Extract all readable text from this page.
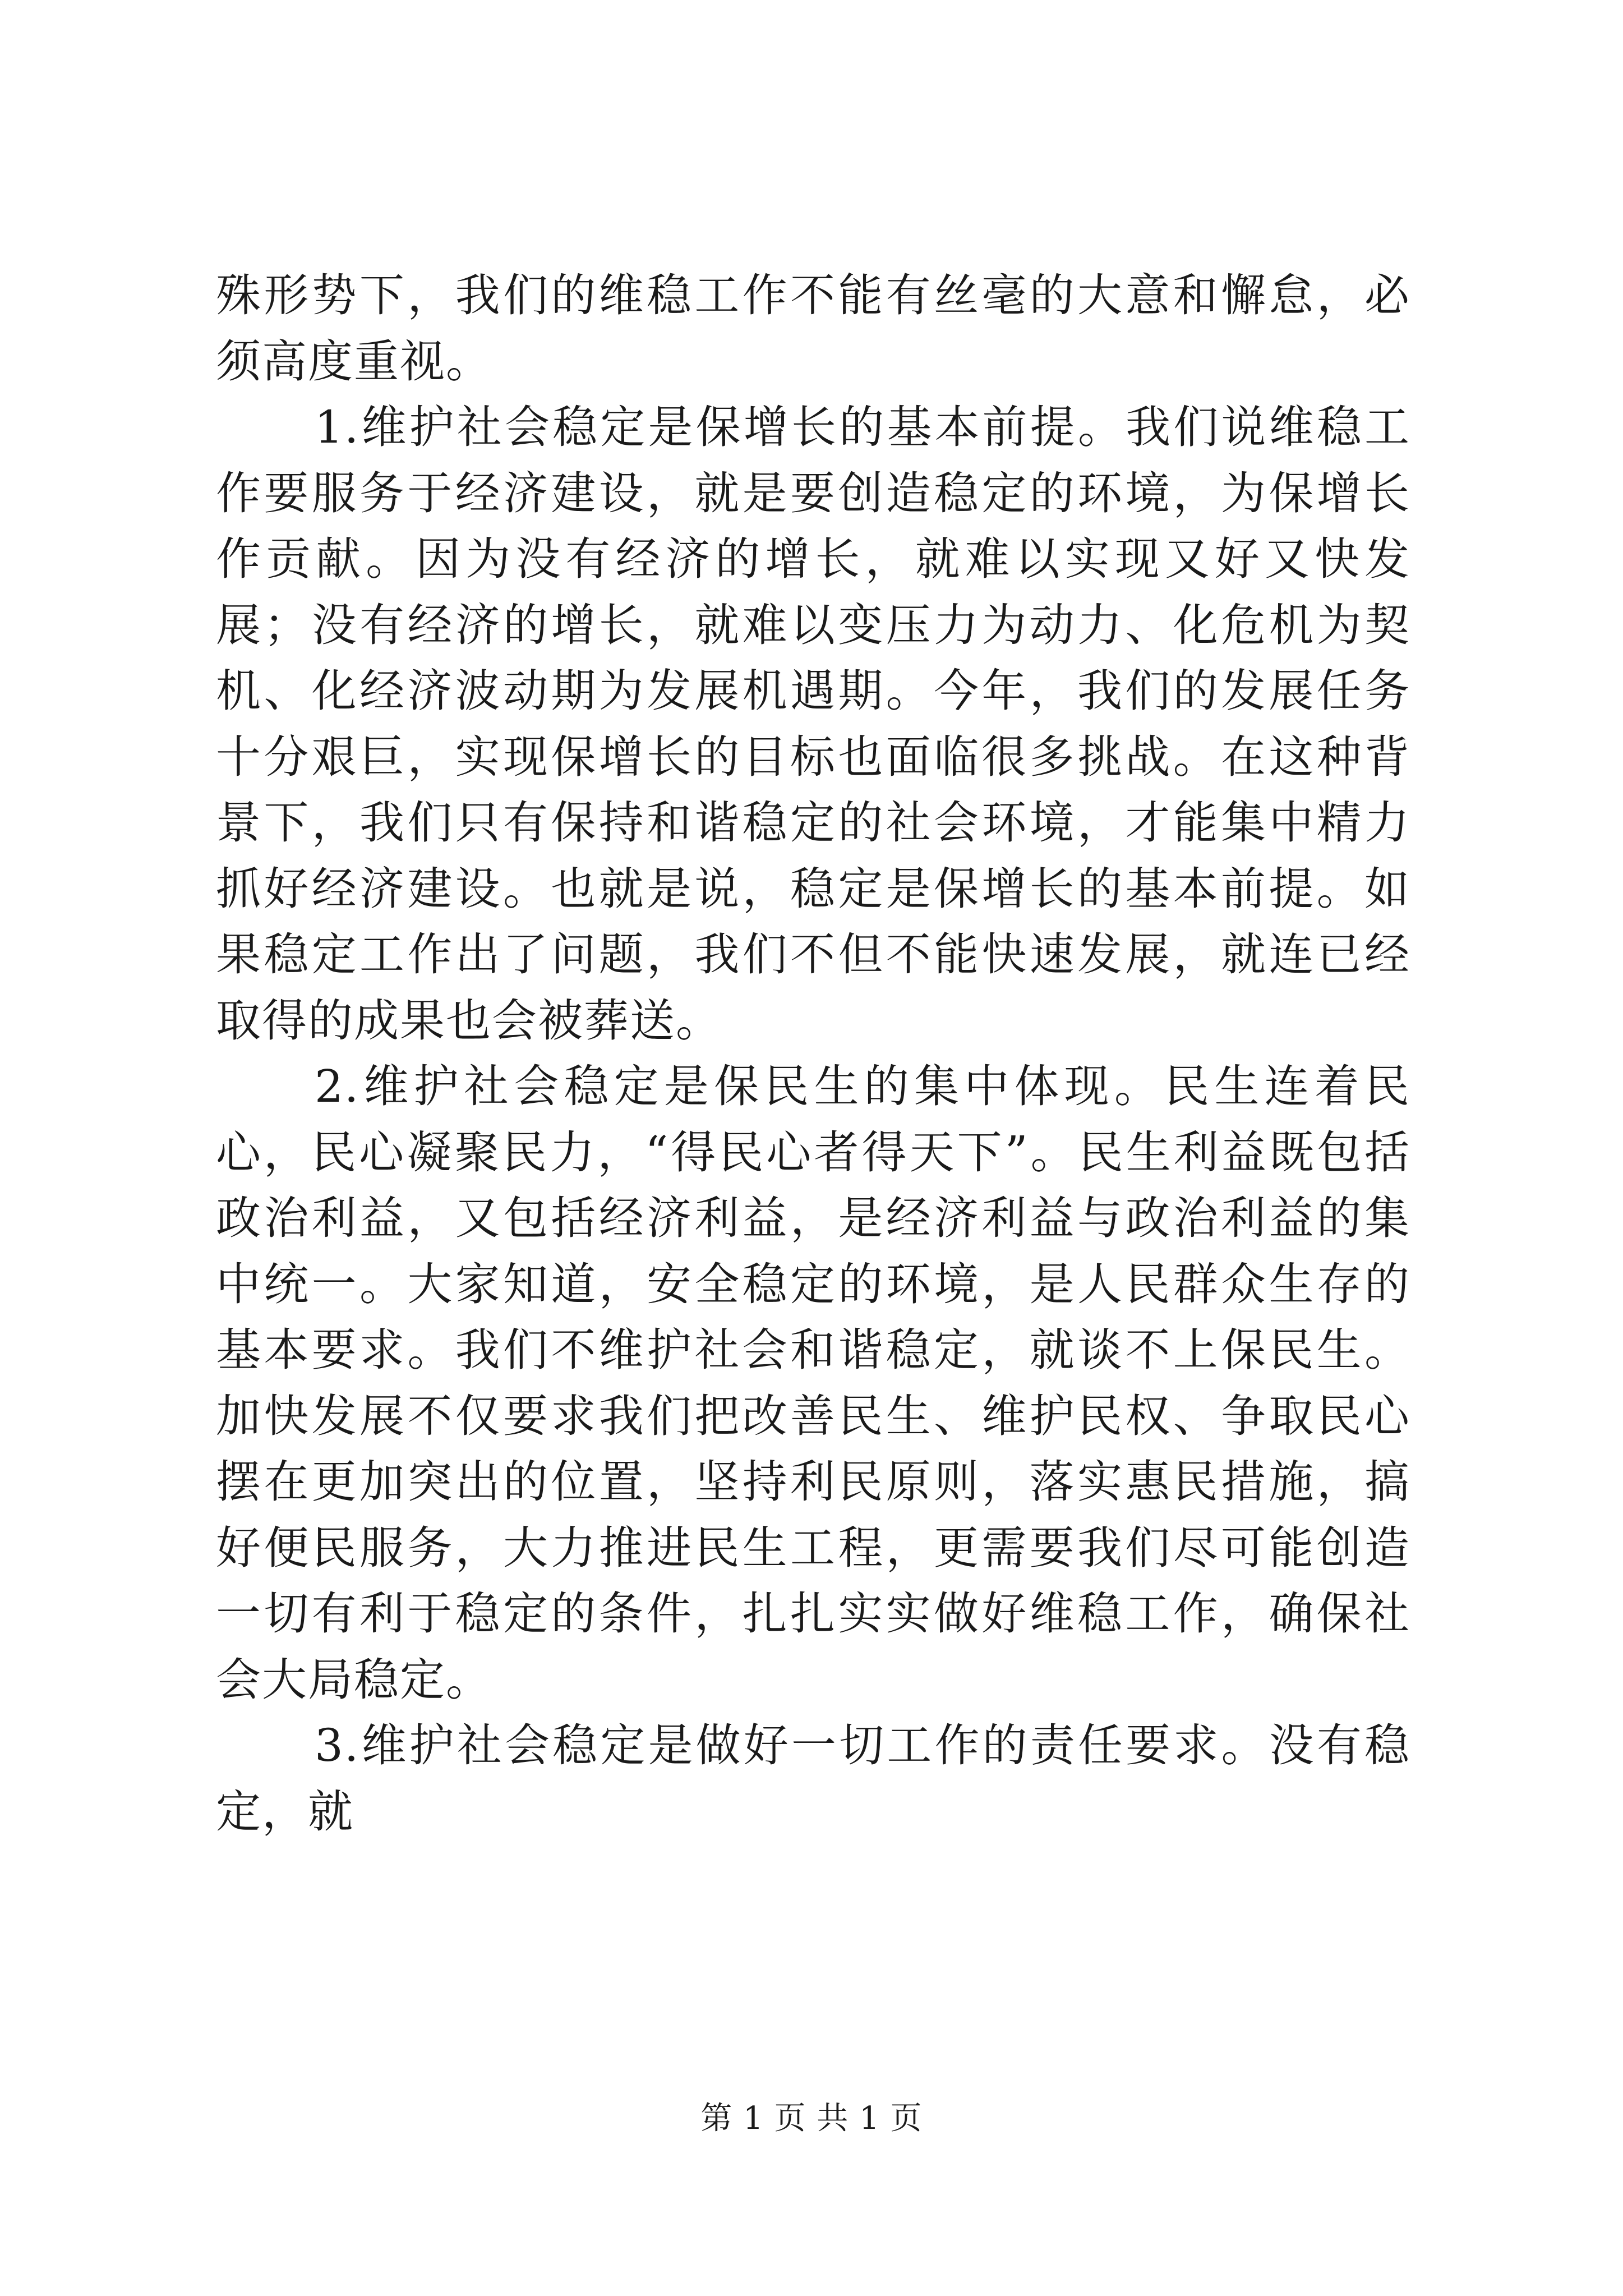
殊形势下，我们的维稳工作不能有丝毫的大意和懈怠，必须高度重视。

1.维护社会稳定是保增长的基本前提。我们说维稳工作要服务于经济建设，就是要创造稳定的环境，为保增长作贡献。因为没有经济的增长，就难以实现又好又快发展；没有经济的增长，就难以变压力为动力、化危机为契机、化经济波动期为发展机遇期。今年，我们的发展任务十分艰巨，实现保增长的目标也面临很多挑战。在这种背景下，我们只有保持和谐稳定的社会环境，才能集中精力抓好经济建设。也就是说，稳定是保增长的基本前提。如果稳定工作出了问题，我们不但不能快速发展，就连已经取得的成果也会被葬送。

2.维护社会稳定是保民生的集中体现。民生连着民心，民心凝聚民力，“得民心者得天下”。民生利益既包括政治利益，又包括经济利益，是经济利益与政治利益的集中统一。大家知道，安全稳定的环境，是人民群众生存的基本要求。我们不维护社会和谐稳定，就谈不上保民生。加快发展不仅要求我们把改善民生、维护民权、争取民心摆在更加突出的位置，坚持利民原则，落实惠民措施，搞好便民服务，大力推进民生工程，更需要我们尽可能创造一切有利于稳定的条件，扎扎实实做好维稳工作，确保社会大局稳定。

3.维护社会稳定是做好一切工作的责任要求。没有稳定，就

第 1 页 共 1 页
